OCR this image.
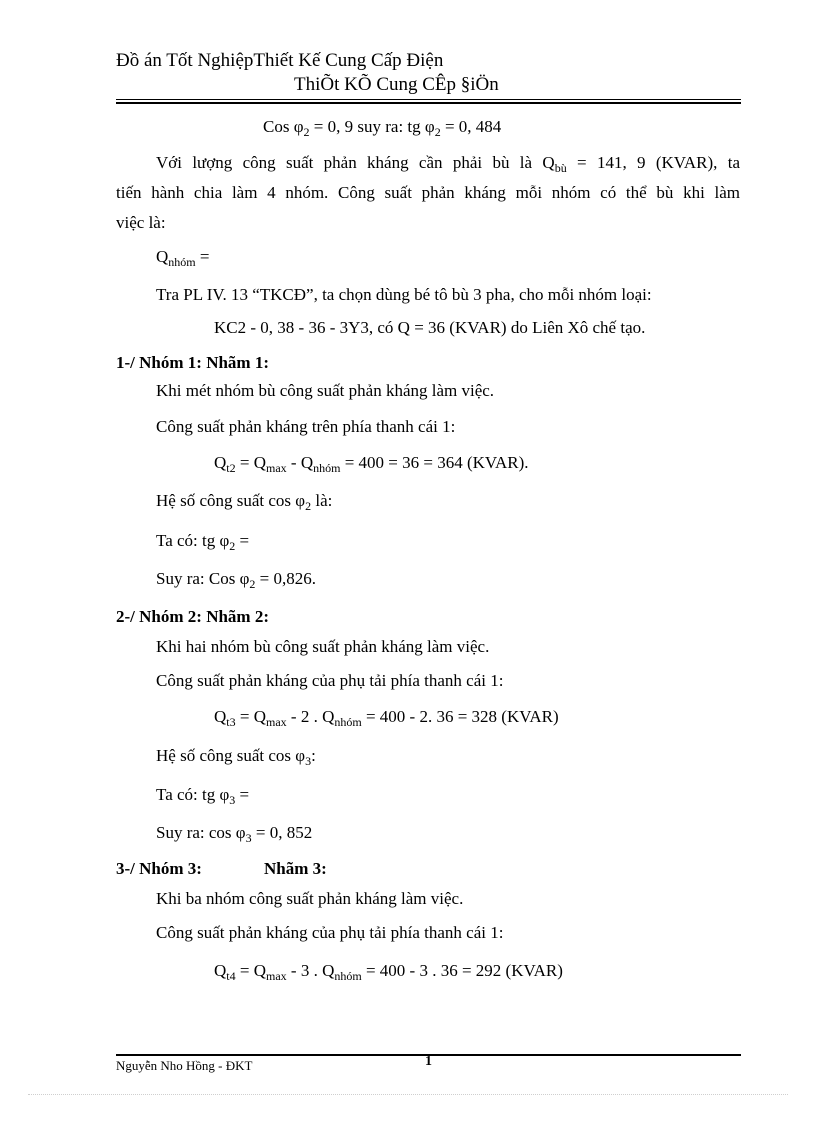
Đồ án Tốt NghiệpThiết Kế Cung Cấp Điện
ThiÕt KÕ Cung CÊp §iÖn
Cos $\varphi_2 = 0$, 9 suy ra: tg $\varphi_2 = 0$, 484
Với lượng công suất phản kháng cần phải bù là $Q_{bù} = 141$, 9 (KVAR), ta
tiến hành chia làm 4 nhóm. Công suất phản kháng mỗi nhóm có thể bù khi làm
việc là:
$Q_{nhóm}$ =
Tra PL IV. 13 “TKCĐ”, ta chọn dùng bé tô bù 3 pha, cho mỗi nhóm loại:
KC2 - 0, 38 - 36 - 3Y3, có Q = 36 (KVAR) do Liên Xô chế tạo.
1-/ Nhóm 1: Nhãm 1:
Khi mét nhóm bù công suất phản kháng làm việc.
Công suất phản kháng trên phía thanh cái 1:
$Q_{t2} = Q_{max} - Q_{nhóm} = 400 = 36 = 364$ (KVAR).
Hệ số công suất $\cos \varphi_2$ là:
Ta có: tg $\varphi_2$ =
Suy ra: Cos $\varphi_2 = 0,826$.
2-/ Nhóm 2: Nhãm 2:
Khi hai nhóm bù công suất phản kháng làm việc.
Công suất phản kháng của phụ tải phía thanh cái 1:
$Q_{t3} = Q_{max} - 2$ . $Q_{nhóm} = 400 - 2$. 36 = 328 (KVAR)
Hệ số công suất $\cos \varphi_3$:
Ta có: tg $\varphi_3$ =
Suy ra: $\cos \varphi_3 = 0$, 852
3-/ Nhóm 3:	Nhãm 3:
Khi ba nhóm công suất phản kháng làm việc.
Công suất phản kháng của phụ tải phía thanh cái 1:
$Q_{t4} = Q_{max} - 3$ . $Q_{nhóm} = 400 - 3$ . 36 = 292 (KVAR)
Nguyễn Nho Hồng - ĐKT	1
